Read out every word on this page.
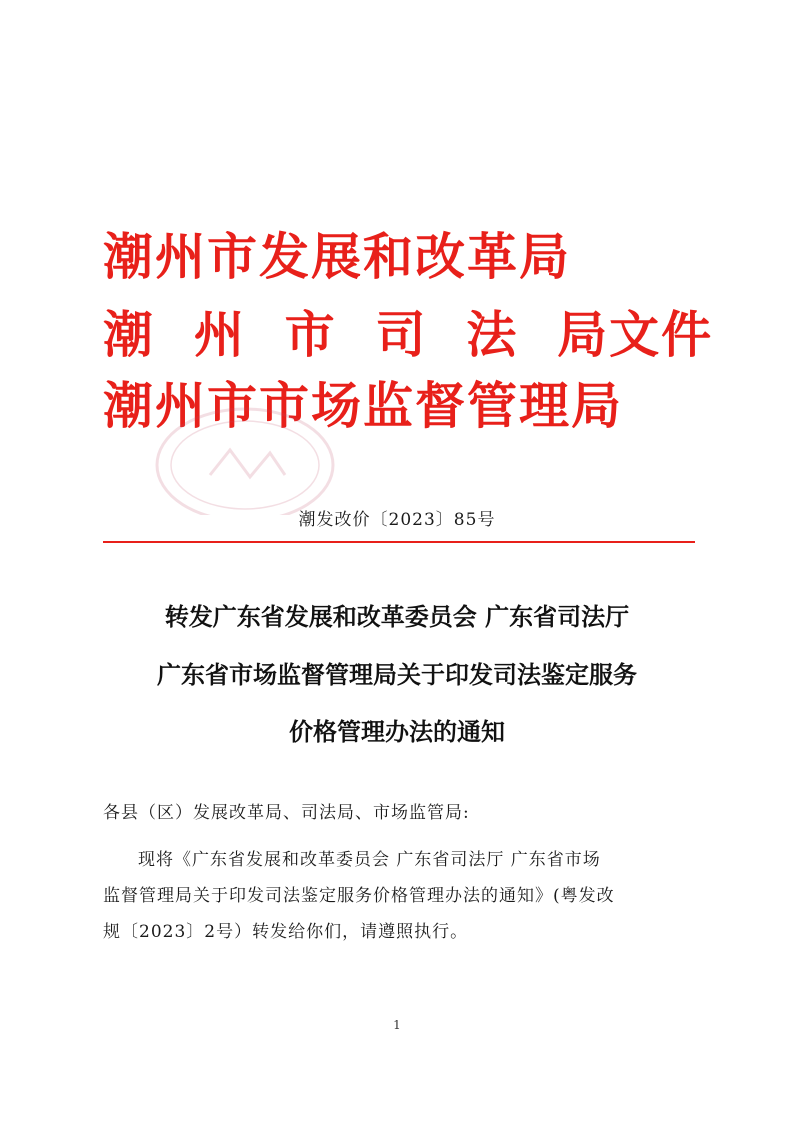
潮州市发展和改革局
潮  州  市  司  法  局文件
潮州市市场监督管理局
潮发改价〔2023〕85号
转发广东省发展和改革委员会 广东省司法厅
广东省市场监督管理局关于印发司法鉴定服务
价格管理办法的通知
各县（区）发展改革局、司法局、市场监管局:
现将《广东省发展和改革委员会 广东省司法厅 广东省市场
监督管理局关于印发司法鉴定服务价格管理办法的通知》(粤发改
规〔2023〕2号）转发给你们，请遵照执行。
1
